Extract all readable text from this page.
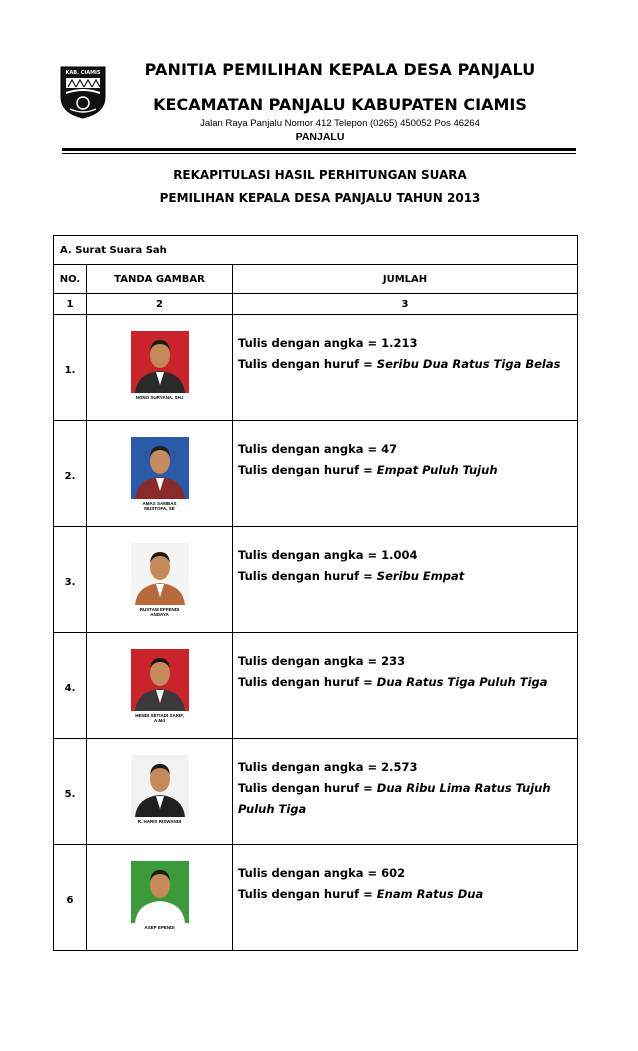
KAB. CIAMIS	PANITIA PEMILIHAN KEPALA DESA PANJALU
KECAMATAN PANJALU KABUPATEN CIAMIS
Jalan Raya Panjalu Nomor 412 Telepon (0265) 450052 Pos 46264
PANJALU
REKAPITULASI HASIL PERHITUNGAN SUARA
PEMILIHAN KEPALA DESA PANJALU TAHUN 2013
A. Surat Suara Sah		
NO.	TANDA GAMBAR	JUMLAH
1	2	3
1.	NONO SURYANA, SH.I	Tulis dengan angka = 1.213
Tulis dengan huruf = Seribu Dua Ratus Tiga Belas

2.	AMAS SAMBAS MUSTOFA, SE	Tulis dengan angka = 47
Tulis dengan huruf = Empat Puluh Tujuh

3.	RUSTAM EFFENDI ANDAYA	Tulis dengan angka = 1.004
Tulis dengan huruf = Seribu Empat

4.	HENDI SETIADI SARIF, A.Md	Tulis dengan angka = 233
Tulis dengan huruf = Dua Ratus Tiga Puluh Tiga

5.	R. HARIS RISWANDI	Tulis dengan angka = 2.573
Tulis dengan huruf = Dua Ribu Lima Ratus Tujuh Puluh Tiga

6	ASEP EPENDI	Tulis dengan angka = 602
Tulis dengan huruf = Enam Ratus Dua
